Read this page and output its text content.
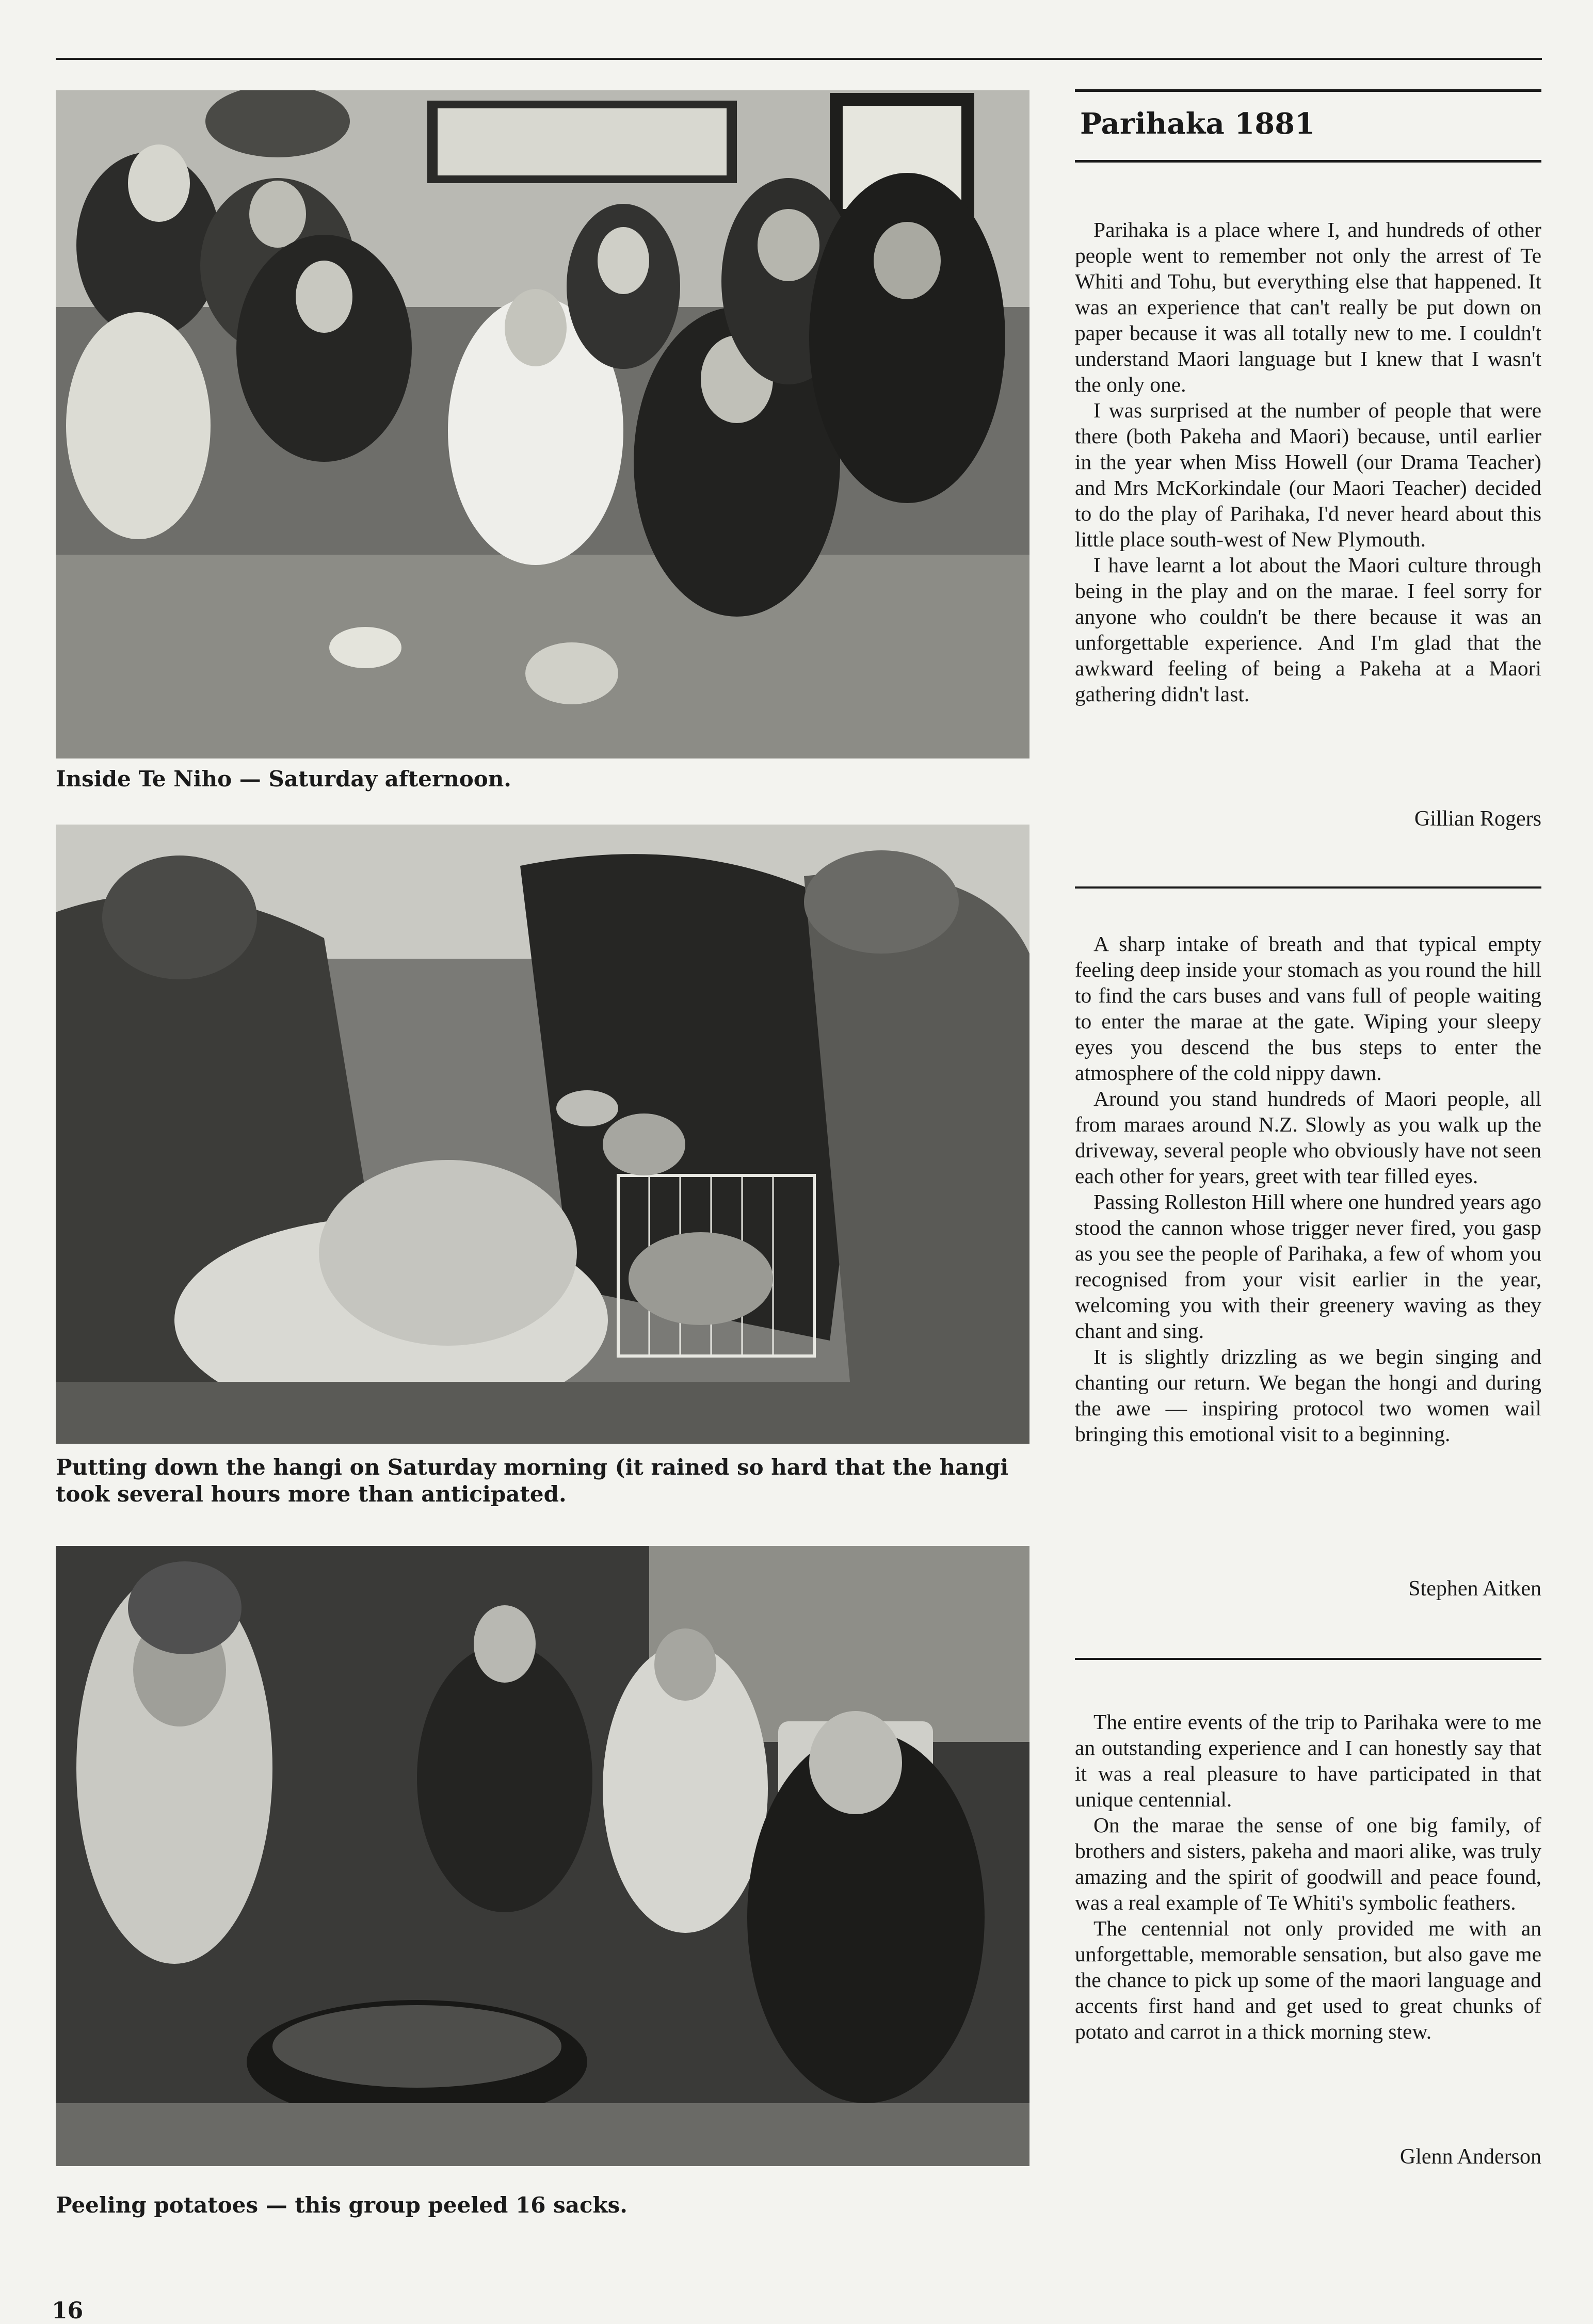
Inside Te Niho — Saturday afternoon.
Putting down the hangi on Saturday morning (it rained so hard that the hangi took several hours more than anticipated.
Peeling potatoes — this group peeled 16 sacks.
Parihaka 1881

Parihaka is a place where I, and hundreds of other people went to remember not only the arrest of Te Whiti and Tohu, but everything else that happened. It was an experience that can't really be put down on paper because it was all totally new to me. I couldn't understand Maori language but I knew that I wasn't the only one.

I was surprised at the number of people that were there (both Pakeha and Maori) because, until earlier in the year when Miss Howell (our Drama Teacher) and Mrs McKorkindale (our Maori Teacher) decided to do the play of Parihaka, I'd never heard about this little place south-west of New Plymouth.

I have learnt a lot about the Maori culture through being in the play and on the marae. I feel sorry for anyone who couldn't be there because it was an unforgettable experience. And I'm glad that the awkward feeling of being a Pakeha at a Maori gathering didn't last.

Gillian Rogers

A sharp intake of breath and that typical empty feeling deep inside your stomach as you round the hill to find the cars buses and vans full of people waiting to enter the marae at the gate. Wiping your sleepy eyes you descend the bus steps to enter the atmosphere of the cold nippy dawn.

Around you stand hundreds of Maori people, all from maraes around N.Z. Slowly as you walk up the driveway, several people who obviously have not seen each other for years, greet with tear filled eyes.

Passing Rolleston Hill where one hundred years ago stood the cannon whose trigger never fired, you gasp as you see the people of Parihaka, a few of whom you recognised from your visit earlier in the year, welcoming you with their greenery waving as they chant and sing.

It is slightly drizzling as we begin singing and chanting our return. We began the hongi and during the awe — inspiring protocol two women wail bringing this emotional visit to a beginning.

Stephen Aitken

The entire events of the trip to Parihaka were to me an outstanding experience and I can honestly say that it was a real pleasure to have participated in that unique centennial.

On the marae the sense of one big family, of brothers and sisters, pakeha and maori alike, was truly amazing and the spirit of goodwill and peace found, was a real example of Te Whiti's symbolic feathers.

The centennial not only provided me with an unforgettable, memorable sensation, but also gave me the chance to pick up some of the maori language and accents first hand and get used to great chunks of potato and carrot in a thick morning stew.

Glenn Anderson
16
